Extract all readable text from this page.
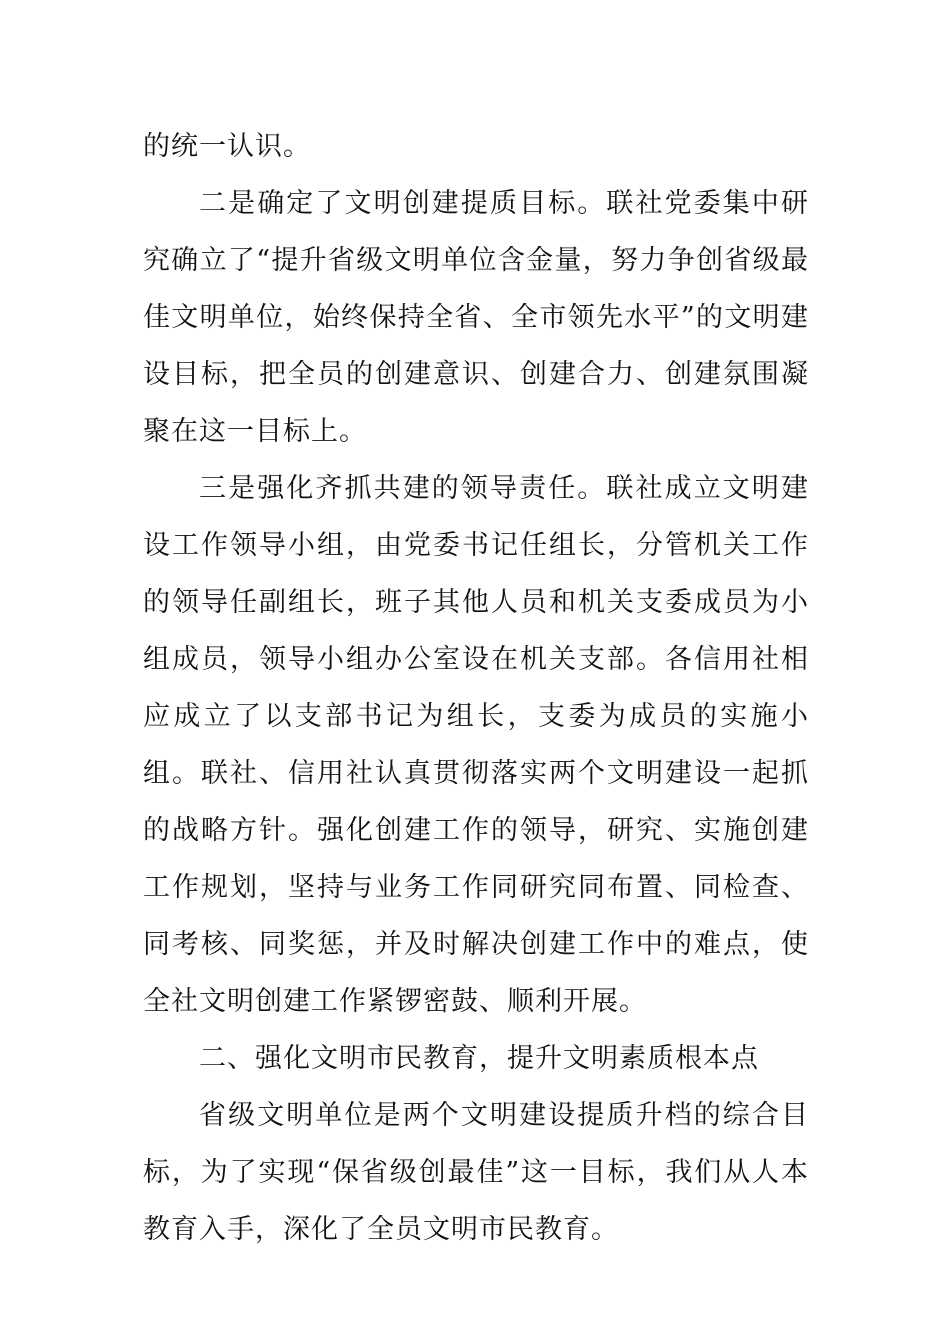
的统一认识。

二是确定了文明创建提质目标。联社党委集中研究确立了“提升省级文明单位含金量，努力争创省级最佳文明单位，始终保持全省、全市领先水平”的文明建设目标，把全员的创建意识、创建合力、创建氛围凝聚在这一目标上。

三是强化齐抓共建的领导责任。联社成立文明建设工作领导小组，由党委书记任组长，分管机关工作的领导任副组长，班子其他人员和机关支委成员为小组成员，领导小组办公室设在机关支部。各信用社相应成立了以支部书记为组长，支委为成员的实施小组。联社、信用社认真贯彻落实两个文明建设一起抓的战略方针。强化创建工作的领导，研究、实施创建工作规划，坚持与业务工作同研究同布置、同检查、同考核、同奖惩，并及时解决创建工作中的难点，使全社文明创建工作紧锣密鼓、顺利开展。

二、强化文明市民教育，提升文明素质根本点

省级文明单位是两个文明建设提质升档的综合目标，为了实现“保省级创最佳”这一目标，我们从人本教育入手，深化了全员文明市民教育。
